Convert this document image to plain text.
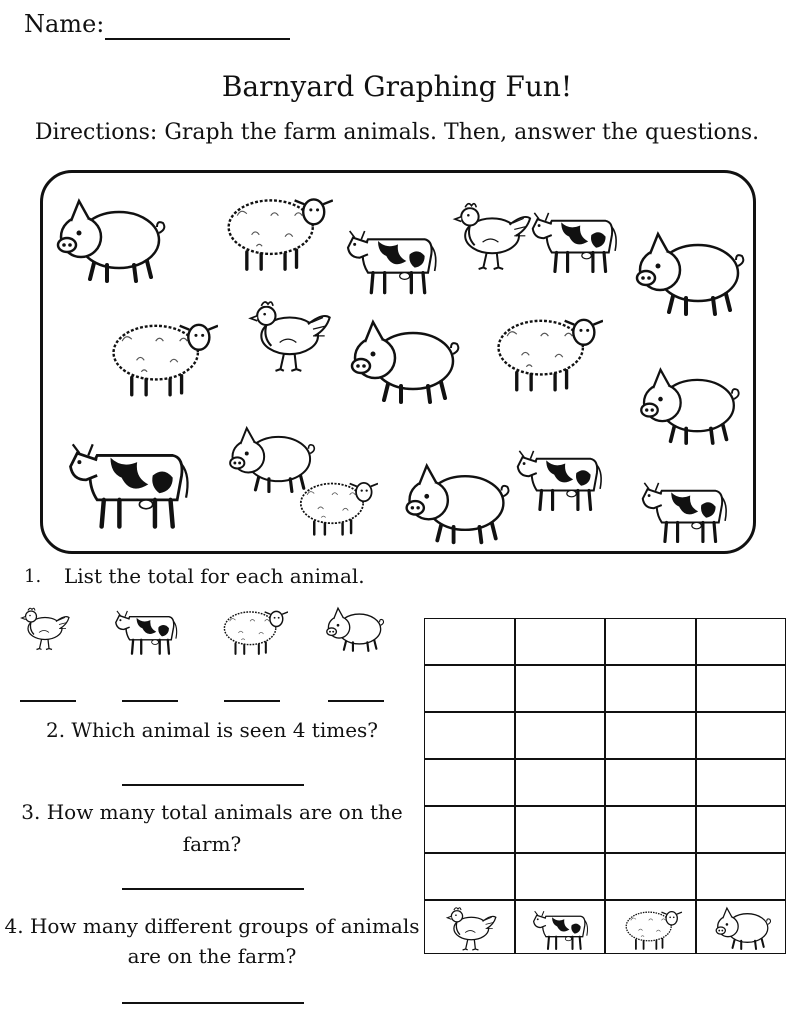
Name:
Barnyard Graphing Fun!
Directions: Graph the farm animals. Then, answer the questions.
1. List the total for each animal.
2. Which animal is seen 4 times?
3. How many total animals are on the
farm?
4. How many different groups of animals
are on the farm?
